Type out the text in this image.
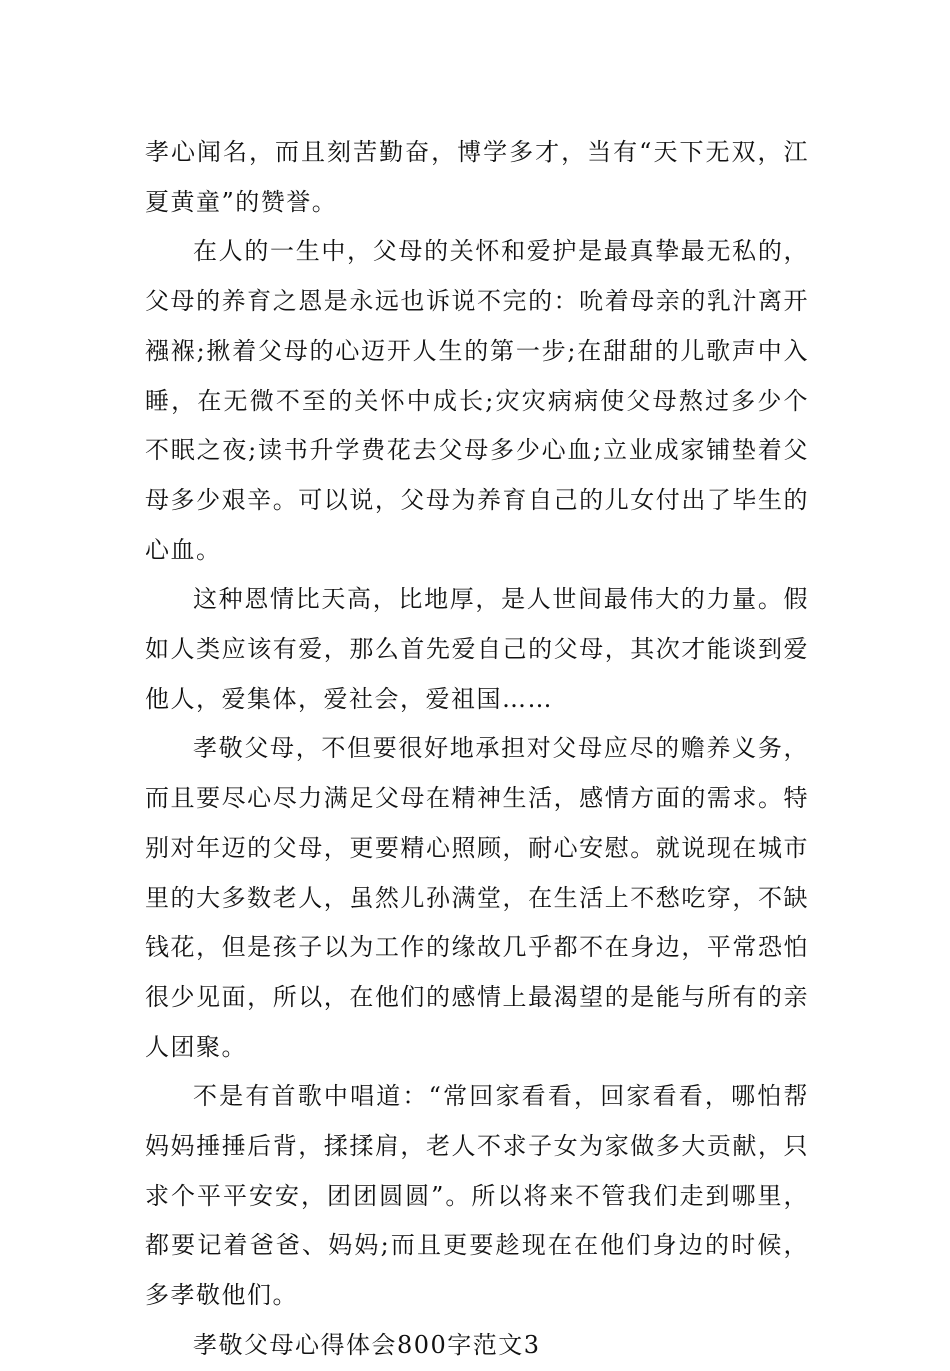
孝心闻名，而且刻苦勤奋，博学多才，当有“天下无双，江夏黄童”的赞誉。

在人的一生中，父母的关怀和爱护是最真挚最无私的，父母的养育之恩是永远也诉说不完的：吮着母亲的乳汁离开襁褓;揪着父母的心迈开人生的第一步;在甜甜的儿歌声中入睡，在无微不至的关怀中成长;灾灾病病使父母熬过多少个不眠之夜;读书升学费花去父母多少心血;立业成家铺垫着父母多少艰辛。可以说，父母为养育自己的儿女付出了毕生的心血。

这种恩情比天高，比地厚，是人世间最伟大的力量。假如人类应该有爱，那么首先爱自己的父母，其次才能谈到爱他人，爱集体，爱社会，爱祖国……

孝敬父母，不但要很好地承担对父母应尽的赡养义务，而且要尽心尽力满足父母在精神生活，感情方面的需求。特别对年迈的父母，更要精心照顾，耐心安慰。就说现在城市里的大多数老人，虽然儿孙满堂，在生活上不愁吃穿，不缺钱花，但是孩子以为工作的缘故几乎都不在身边，平常恐怕很少见面，所以，在他们的感情上最渴望的是能与所有的亲人团聚。

不是有首歌中唱道：“常回家看看，回家看看，哪怕帮妈妈捶捶后背，揉揉肩，老人不求子女为家做多大贡献，只求个平平安安，团团圆圆”。所以将来不管我们走到哪里，都要记着爸爸、妈妈;而且更要趁现在在他们身边的时候，多孝敬他们。

孝敬父母心得体会800字范文3
